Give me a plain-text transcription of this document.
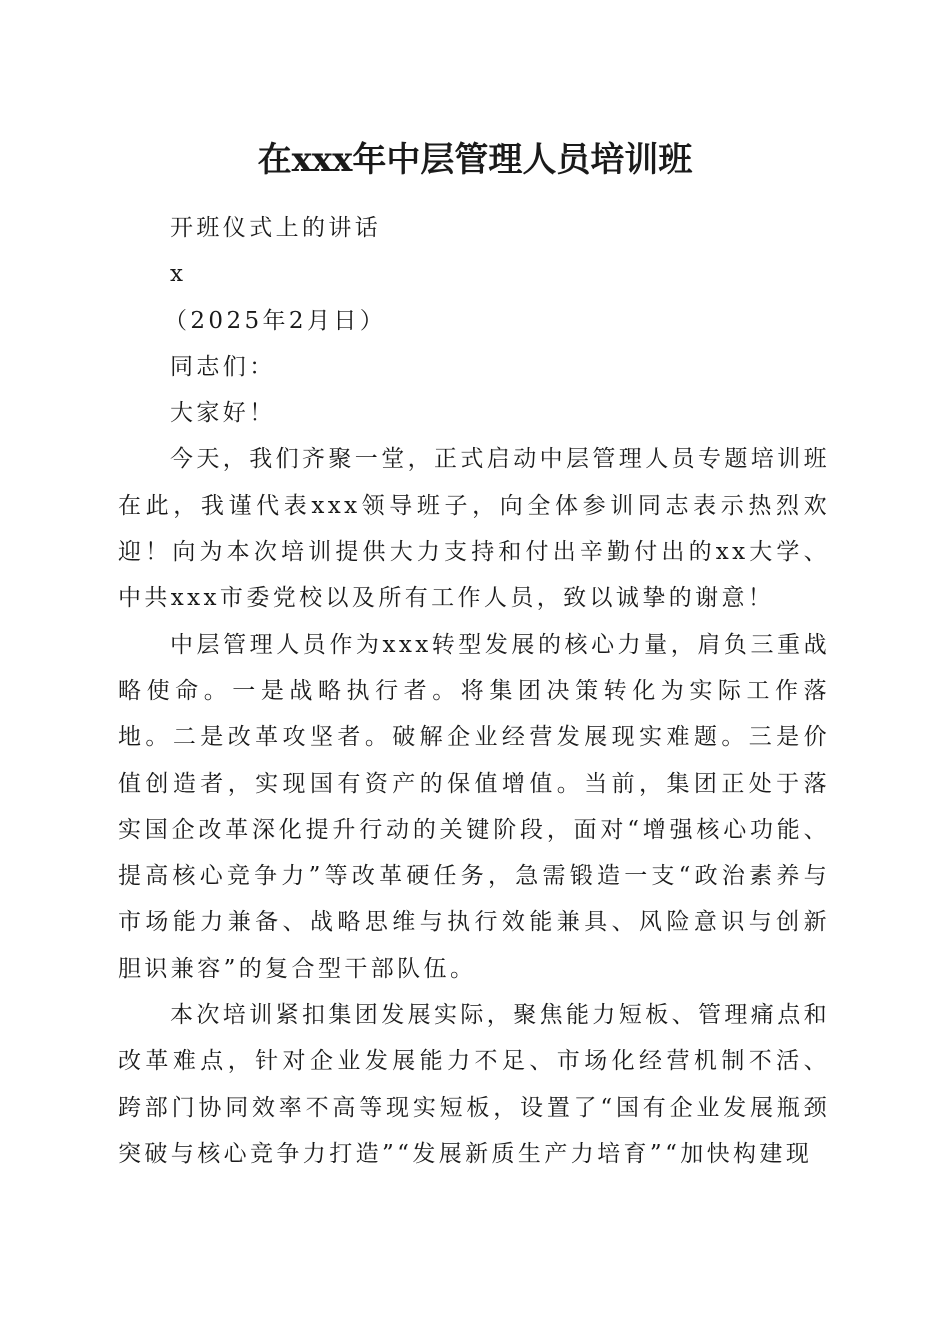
在xxx年中层管理人员培训班

开班仪式上的讲话

x

（2025年2月日）

同志们：

大家好！

今天，我们齐聚一堂，正式启动中层管理人员专题培训班在此，我谨代表xxx领导班子，向全体参训同志表示热烈欢迎！向为本次培训提供大力支持和付出辛勤付出的xx大学、中共xxx市委党校以及所有工作人员，致以诚挚的谢意！

中层管理人员作为xxx转型发展的核心力量，肩负三重战略使命。一是战略执行者。将集团决策转化为实际工作落地。二是改革攻坚者。破解企业经营发展现实难题。三是价值创造者，实现国有资产的保值增值。当前，集团正处于落实国企改革深化提升行动的关键阶段，面对“增强核心功能、提高核心竞争力”等改革硬任务，急需锻造一支“政治素养与市场能力兼备、战略思维与执行效能兼具、风险意识与创新胆识兼容”的复合型干部队伍。

本次培训紧扣集团发展实际，聚焦能力短板、管理痛点和改革难点，针对企业发展能力不足、市场化经营机制不活、跨部门协同效率不高等现实短板，设置了“国有企业发展瓶颈突破与核心竞争力打造”“发展新质生产力培育”“加快构建现
